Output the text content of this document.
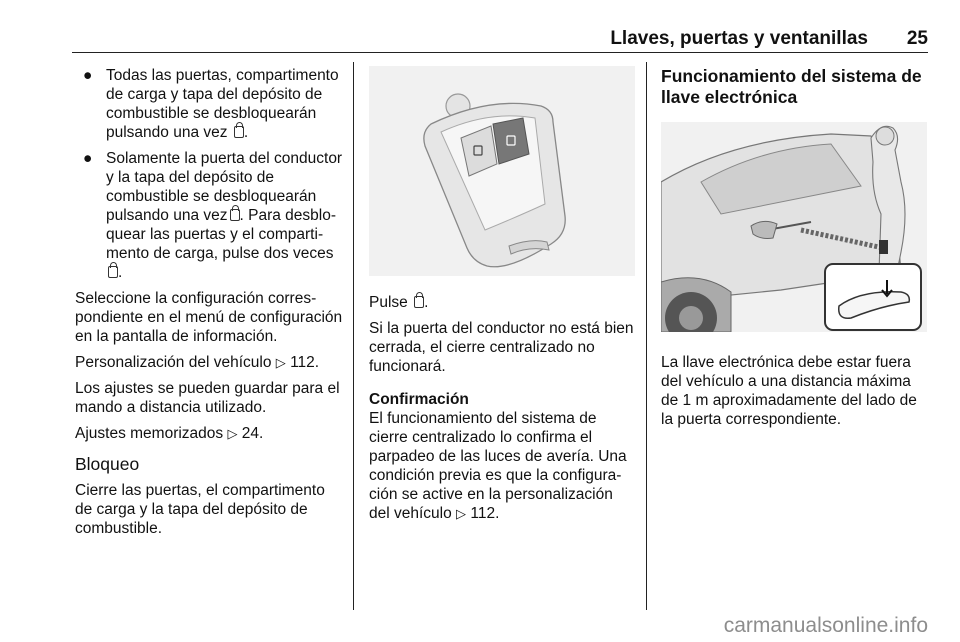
Llaves, puertas y ventanillas 25
● Todas las puertas, compartimento de carga y tapa del depósito de combustible se desbloquearán pulsando una vez .
● Solamente la puerta del conductor y la tapa del depósito de combustible se desbloquearán pulsando una vez . Para desbloquear las puertas y el compartimento de carga, pulse dos veces .

Seleccione la configuración correspondiente en el menú de configuración en la pantalla de información.

Personalización del vehículo ▷ 112.

Los ajustes se pueden guardar para el mando a distancia utilizado.

Ajustes memorizados ▷ 24.

Bloqueo

Cierre las puertas, el compartimento de carga y la tapa del depósito de combustible.

Pulse .

Si la puerta del conductor no está bien cerrada, el cierre centralizado no funcionará.

Confirmación

El funcionamiento del sistema de cierre centralizado lo confirma el parpadeo de las luces de avería. Una condición previa es que la configuración se active en la personalización del vehículo ▷ 112.

Funcionamiento del sistema de llave electrónica

La llave electrónica debe estar fuera del vehículo a una distancia máxima de 1 m aproximadamente del lado de la puerta correspondiente.

carmanualsonline.info
